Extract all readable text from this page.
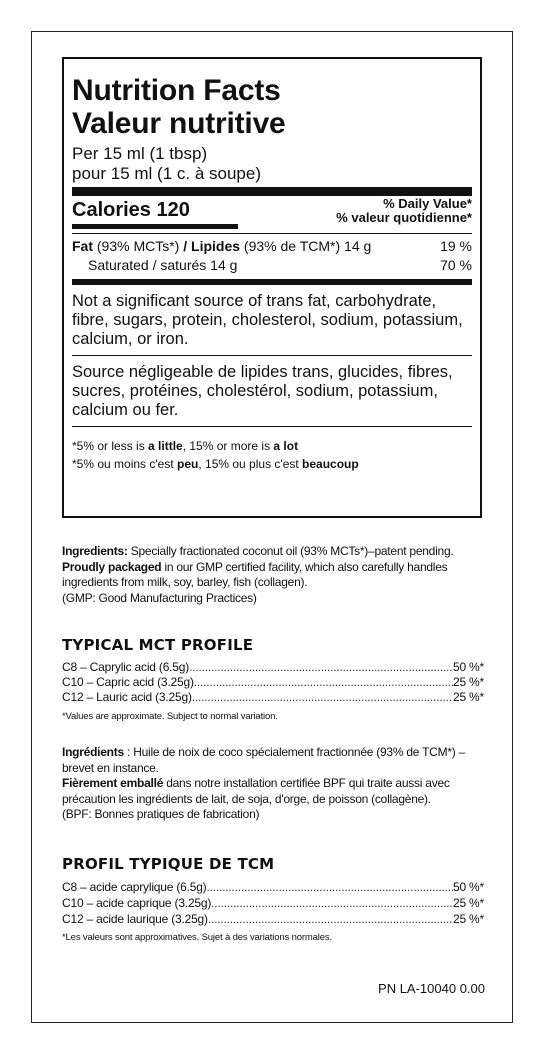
Nutrition Facts
Valeur nutritive
Per 15 ml (1 tbsp)
pour 15 ml (1 c. à soupe)
Calories 120	% Daily Value*
% valeur quotidienne*
Fat (93% MCTs*) / Lipides (93% de TCM*) 14 g	19 %
Saturated / saturés 14 g	70 %
Not a significant source of trans fat, carbohydrate, fibre, sugars, protein, cholesterol, sodium, potassium, calcium, or iron.
Source négligeable de lipides trans, glucides, fibres, sucres, protéines, cholestérol, sodium, potassium, calcium ou fer.
*5% or less is a little, 15% or more is a lot
*5% ou moins c'est peu, 15% ou plus c'est beaucoup
Ingredients: Specially fractionated coconut oil (93% MCTs*)–patent pending.
Proudly packaged in our GMP certified facility, which also carefully handles ingredients from milk, soy, barley, fish (collagen).
(GMP: Good Manufacturing Practices)
TYPICAL MCT PROFILE
C8 – Caprylic acid (6.5g) .....	50 %*
C10 – Capric acid (3.25g) .....	25 %*
C12 – Lauric acid (3.25g) .....	25 %*
*Values are approximate. Subject to normal variation.
Ingrédients : Huile de noix de coco spécialement fractionnée (93% de TCM*) – brevet en instance.
Fièrement emballé dans notre installation certifiée BPF qui traite aussi avec précaution les ingrédients de lait, de soja, d'orge, de poisson (collagène).
(BPF: Bonnes pratiques de fabrication)
PROFIL TYPIQUE DE TCM
C8 – acide caprylique (6.5g) .....	50 %*
C10 – acide caprique (3.25g) .....	25 %*
C12 – acide laurique (3.25g) .....	25 %*
*Les valeurs sont approximatives. Sujet à des variations normales.
PN LA-10040 0.00
